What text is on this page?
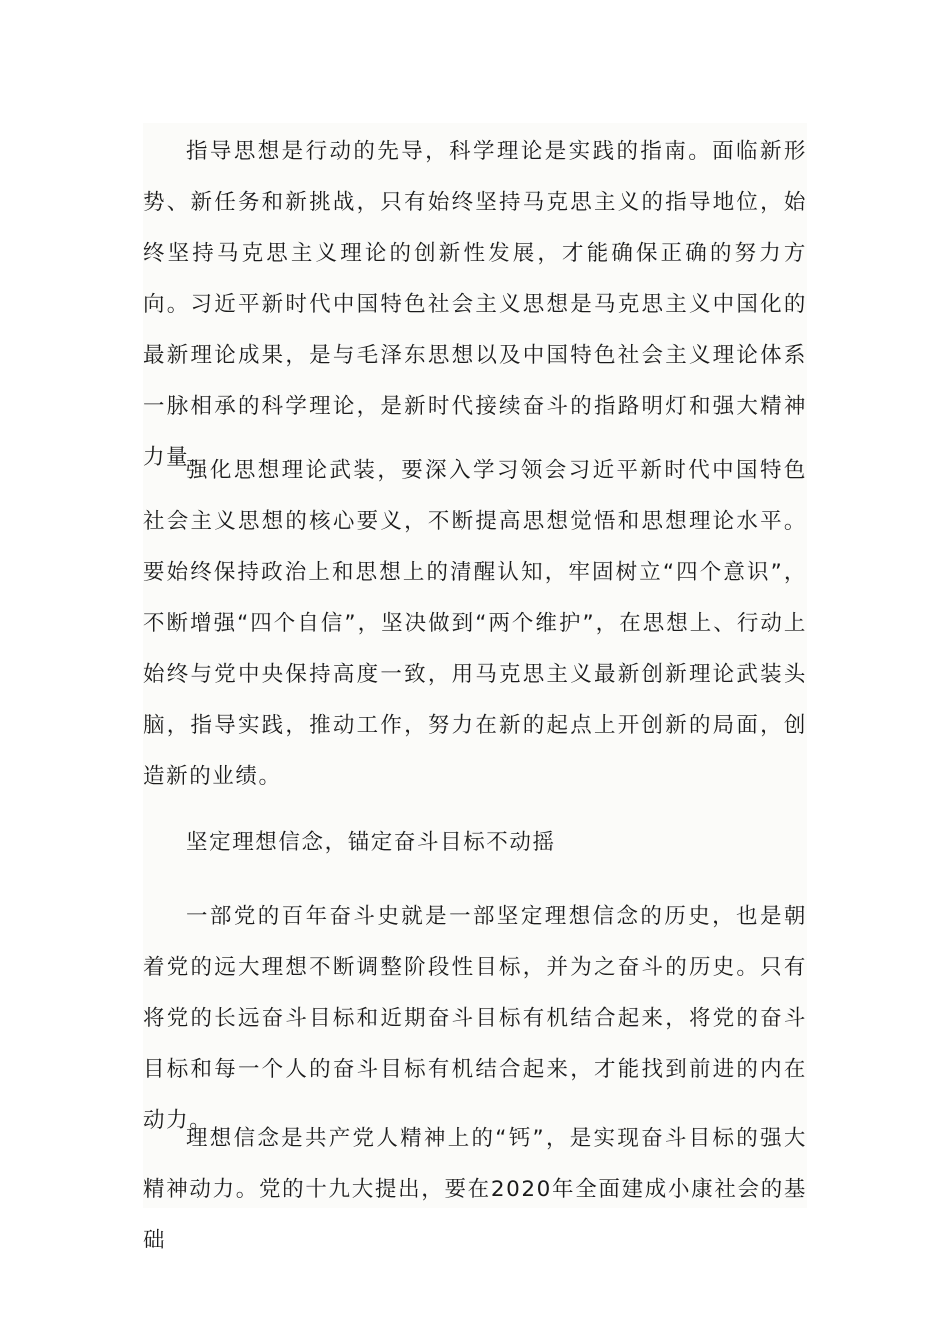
指导思想是行动的先导，科学理论是实践的指南。面临新形势、新任务和新挑战，只有始终坚持马克思主义的指导地位，始终坚持马克思主义理论的创新性发展，才能确保正确的努力方向。习近平新时代中国特色社会主义思想是马克思主义中国化的最新理论成果，是与毛泽东思想以及中国特色社会主义理论体系一脉相承的科学理论，是新时代接续奋斗的指路明灯和强大精神力量。

强化思想理论武装，要深入学习领会习近平新时代中国特色社会主义思想的核心要义，不断提高思想觉悟和思想理论水平。要始终保持政治上和思想上的清醒认知，牢固树立“四个意识”，不断增强“四个自信”，坚决做到“两个维护”，在思想上、行动上始终与党中央保持高度一致，用马克思主义最新创新理论武装头脑，指导实践，推动工作，努力在新的起点上开创新的局面，创造新的业绩。

坚定理想信念，锚定奋斗目标不动摇

一部党的百年奋斗史就是一部坚定理想信念的历史，也是朝着党的远大理想不断调整阶段性目标，并为之奋斗的历史。只有将党的长远奋斗目标和近期奋斗目标有机结合起来，将党的奋斗目标和每一个人的奋斗目标有机结合起来，才能找到前进的内在动力。

理想信念是共产党人精神上的“钙”，是实现奋斗目标的强大精神动力。党的十九大提出，要在2020年全面建成小康社会的基础
